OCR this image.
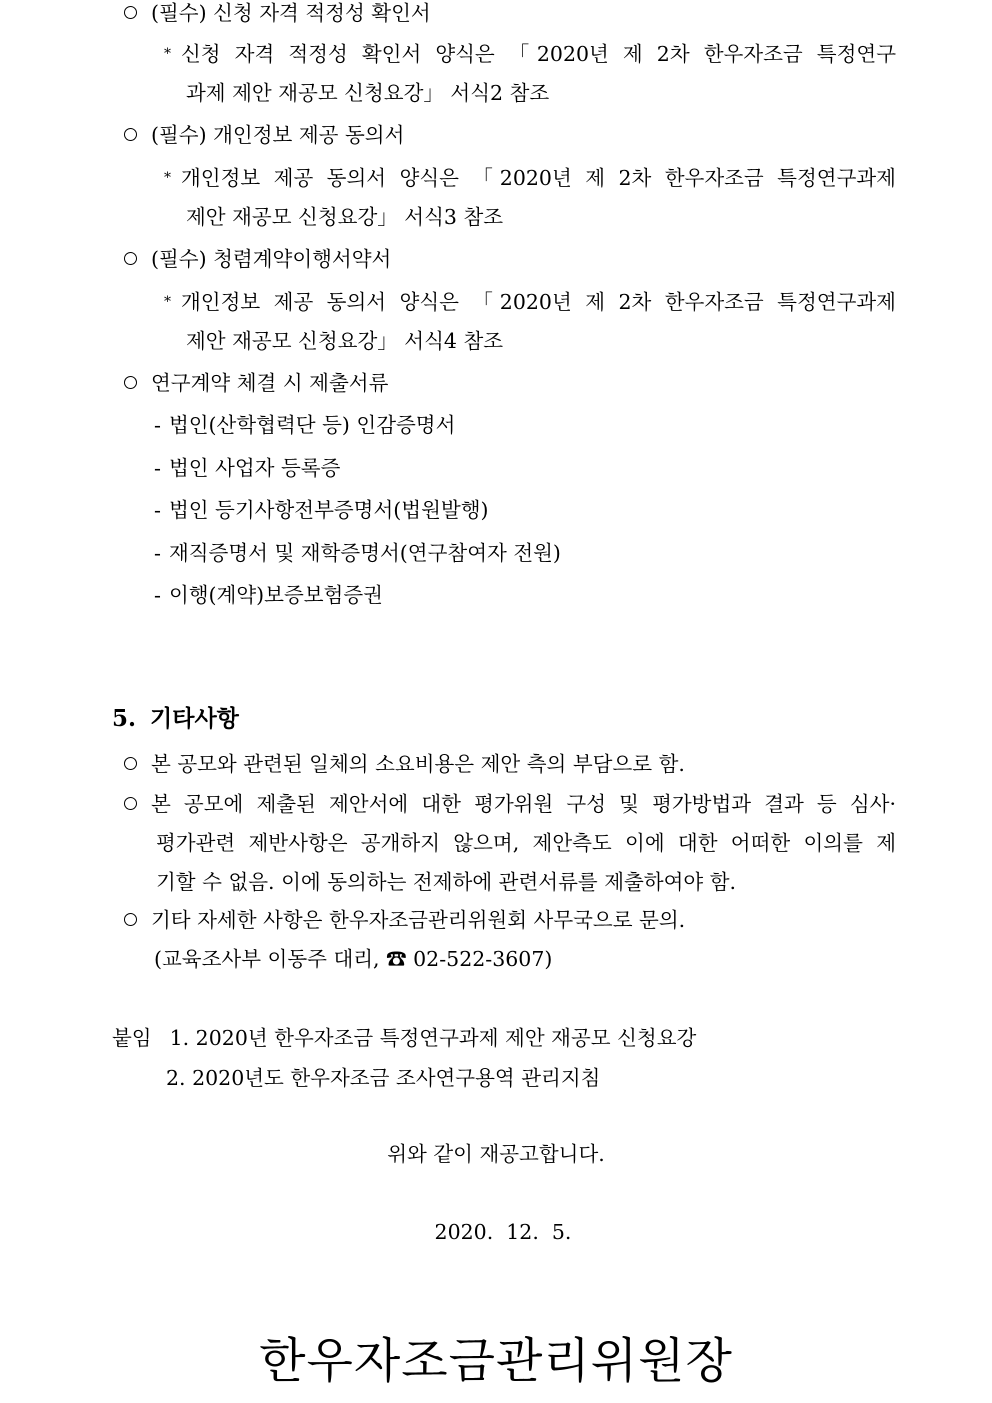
(필수) 신청 자격 적정성 확인서
* 신청 자격 적정성 확인서 양식은 「2020년 제 2차 한우자조금 특정연구
과제 제안 재공모 신청요강」 서식2 참조
(필수) 개인정보 제공 동의서
* 개인정보 제공 동의서 양식은 「2020년 제 2차 한우자조금 특정연구과제
제안 재공모 신청요강」 서식3 참조
(필수) 청렴계약이행서약서
* 개인정보 제공 동의서 양식은 「2020년 제 2차 한우자조금 특정연구과제
제안 재공모 신청요강」 서식4 참조
연구계약 체결 시 제출서류
- 법인(산학협력단 등) 인감증명서
- 법인 사업자 등록증
- 법인 등기사항전부증명서(법원발행)
- 재직증명서 및 재학증명서(연구참여자 전원)
- 이행(계약)보증보험증권
5. 기타사항
본 공모와 관련된 일체의 소요비용은 제안 측의 부담으로 함.
본 공모에 제출된 제안서에 대한 평가위원 구성 및 평가방법과 결과 등 심사·
평가관련 제반사항은 공개하지 않으며, 제안측도 이에 대한 어떠한 이의를 제
기할 수 없음. 이에 동의하는 전제하에 관련서류를 제출하여야 함.
기타 자세한 사항은 한우자조금관리위원회 사무국으로 문의.
(교육조사부 이동주 대리, ☎ 02-522-3607)
붙임 1. 2020년 한우자조금 특정연구과제 제안 재공모 신청요강
2. 2020년도 한우자조금 조사연구용역 관리지침
위와 같이 재공고합니다.
2020.  12.  5.
한우자조금관리위원장
